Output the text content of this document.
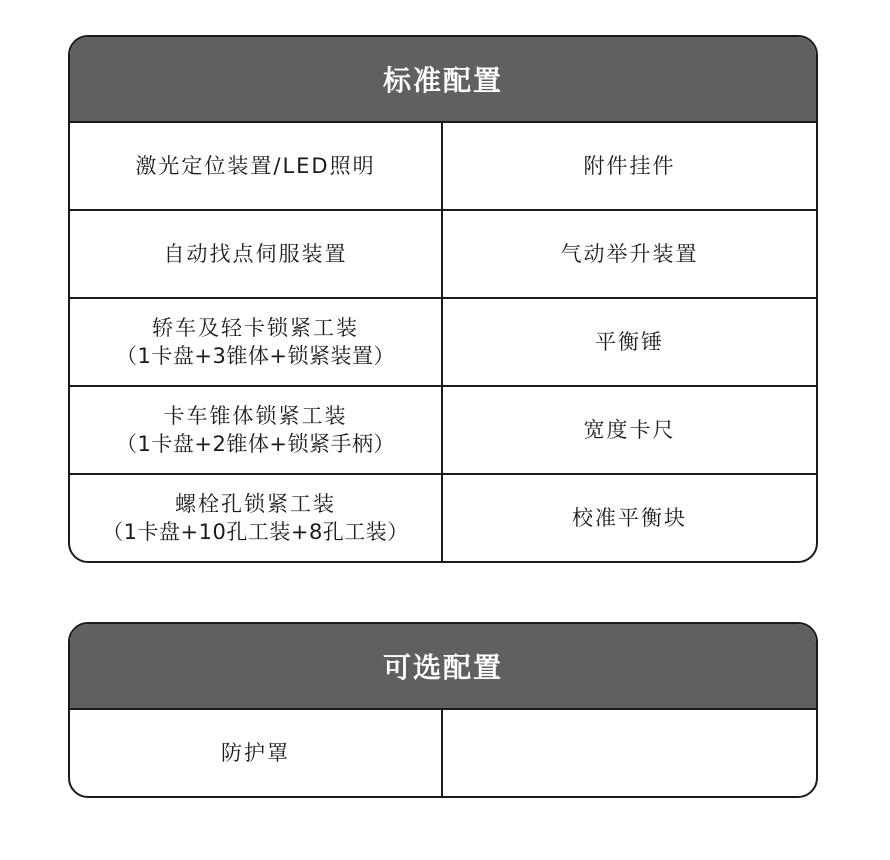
标准配置
激光定位装置/LED照明	附件挂件
自动找点伺服装置	气动举升装置
轿车及轻卡锁紧工装
（1卡盘+3锥体+锁紧装置）
平衡锤
卡车锥体锁紧工装
（1卡盘+2锥体+锁紧手柄）
宽度卡尺
螺栓孔锁紧工装
（1卡盘+10孔工装+8孔工装）
校准平衡块
可选配置
防护罩
